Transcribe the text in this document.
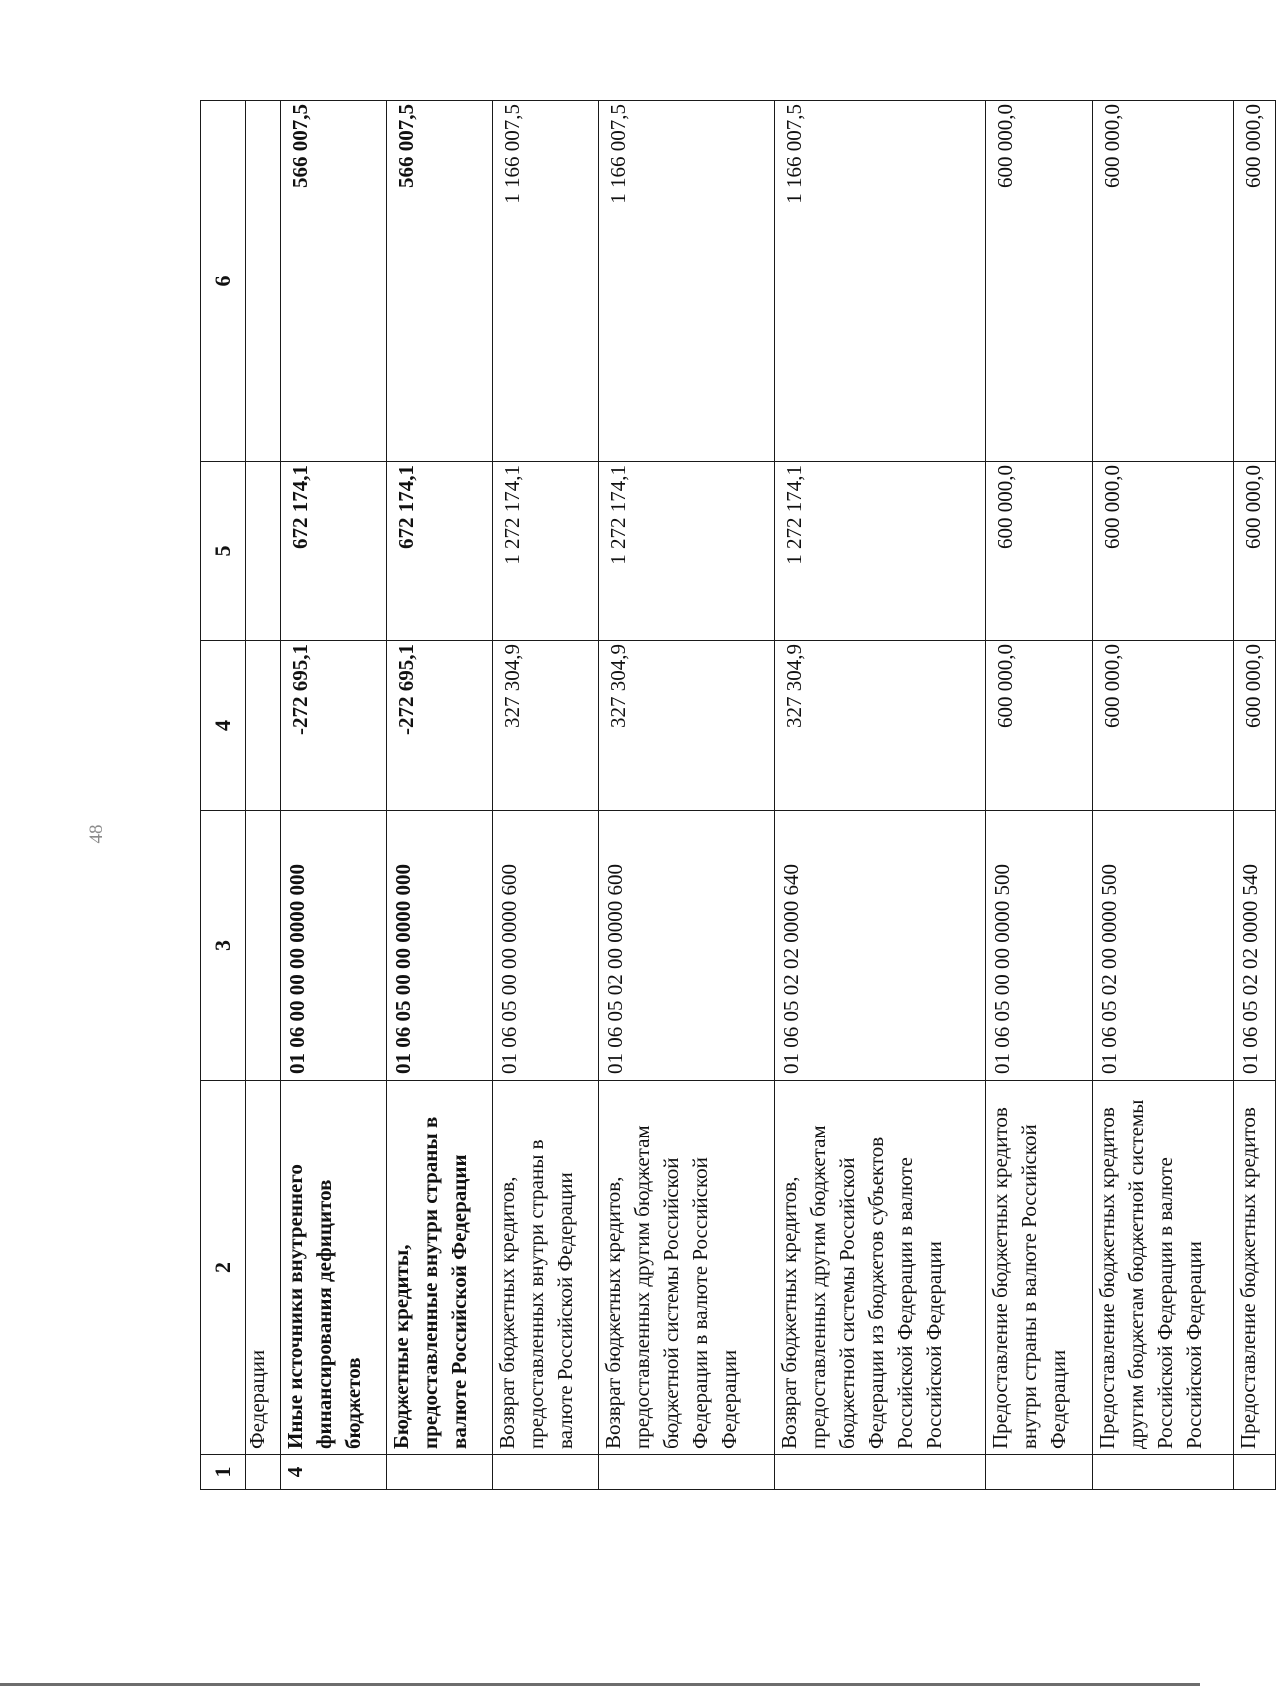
48
1	2	3	4	5	6
	Федерации				
4	Иные источники внутреннего финансирования дефицитов бюджетов	01 06 00 00 00 0000 000	-272 695,1	672 174,1	566 007,5
	Бюджетные кредиты, предоставленные внутри страны в валюте Российской Федерации	01 06 05 00 00 0000 000	-272 695,1	672 174,1	566 007,5
	Возврат бюджетных кредитов, предоставленных внутри страны в валюте Российской Федерации	01 06 05 00 00 0000 600	327 304,9	1 272 174,1	1 166 007,5
	Возврат бюджетных кредитов, предоставленных другим бюджетам бюджетной системы Российской Федерации в валюте Российской Федерации	01 06 05 02 00 0000 600	327 304,9	1 272 174,1	1 166 007,5
	Возврат бюджетных кредитов, предоставленных другим бюджетам бюджетной системы Российской Федерации из бюджетов субъектов Российской Федерации в валюте Российской Федерации	01 06 05 02 02 0000 640	327 304,9	1 272 174,1	1 166 007,5
	Предоставление бюджетных кредитов внутри страны в валюте Российской Федерации	01 06 05 00 00 0000 500	600 000,0	600 000,0	600 000,0
	Предоставление бюджетных кредитов другим бюджетам бюджетной системы Российской Федерации в валюте Российской Федерации	01 06 05 02 00 0000 500	600 000,0	600 000,0	600 000,0
	Предоставление бюджетных кредитов	01 06 05 02 02 0000 540	600 000,0	600 000,0	600 000,0
